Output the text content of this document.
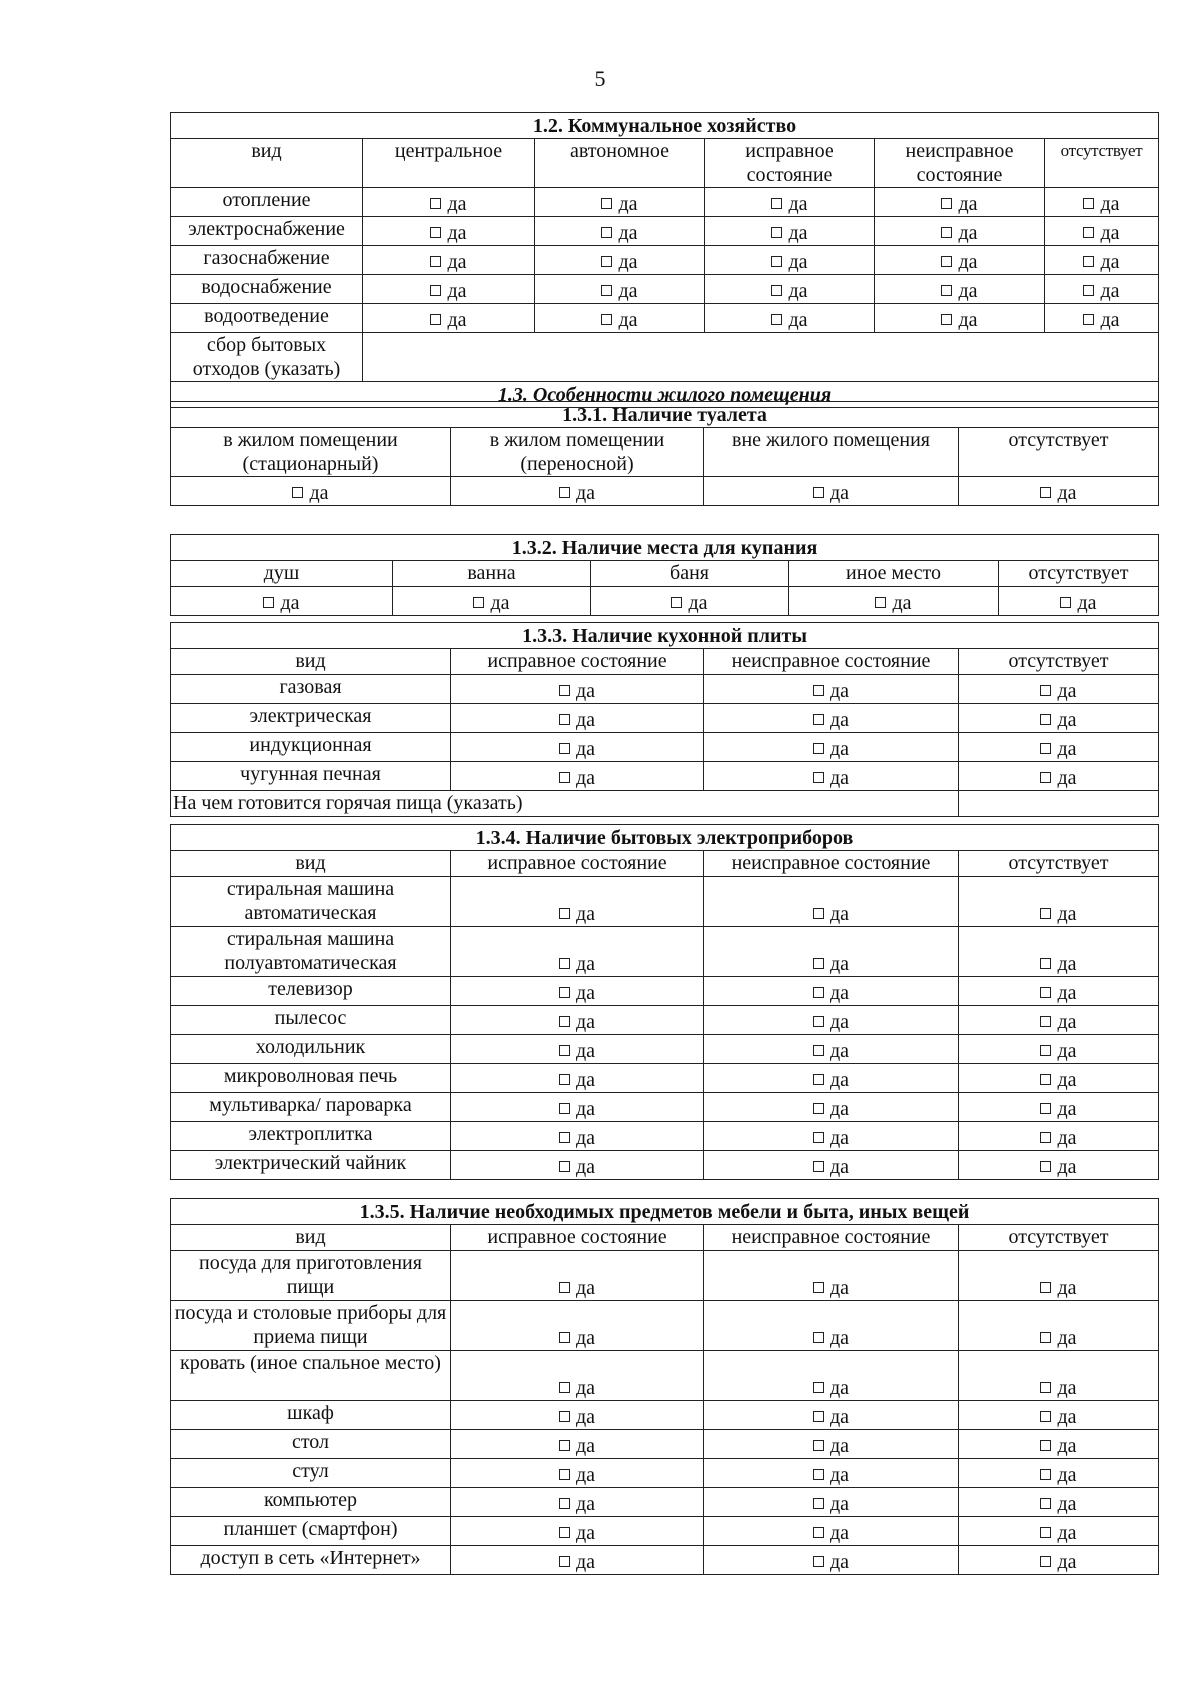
5
1.2. Коммунальное хозяйство					
вид	центральное	автономное	исправное состояние	неисправное состояние	отсутствует
отопление	да	да	да	да	да
электроснабжение	да	да	да	да	да
газоснабжение	да	да	да	да	да
водоснабжение	да	да	да	да	да
водоотведение	да	да	да	да	да
сбор бытовых отходов (указать)					
1.3. Особенности жилого помещения					
1.3.1. Наличие туалета			
в жилом помещении (стационарный)	в жилом помещении (переносной)	вне жилого помещения	отсутствует
да	да	да	да
1.3.2. Наличие места для купания				
душ	ванна	баня	иное место	отсутствует
да	да	да	да	да
1.3.3. Наличие кухонной плиты			
вид	исправное состояние	неисправное состояние	отсутствует
газовая	да	да	да
электрическая	да	да	да
индукционная	да	да	да
чугунная печная	да	да	да
На чем готовится горячая пища (указать)			
1.3.4. Наличие бытовых электроприборов			
вид	исправное состояние	неисправное состояние	отсутствует
стиральная машина автоматическая	да	да	да
стиральная машина полуавтоматическая	да	да	да
телевизор	да	да	да
пылесос	да	да	да
холодильник	да	да	да
микроволновая печь	да	да	да
мультиварка/ пароварка	да	да	да
электроплитка	да	да	да
электрический чайник	да	да	да
1.3.5. Наличие необходимых предметов мебели и быта, иных вещей			
вид	исправное состояние	неисправное состояние	отсутствует
посуда для приготовления пищи	да	да	да
посуда и столовые приборы для приема пищи	да	да	да
кровать (иное спальное место)	да	да	да
шкаф	да	да	да
стол	да	да	да
стул	да	да	да
компьютер	да	да	да
планшет (смартфон)	да	да	да
доступ в сеть «Интернет»	да	да	да
